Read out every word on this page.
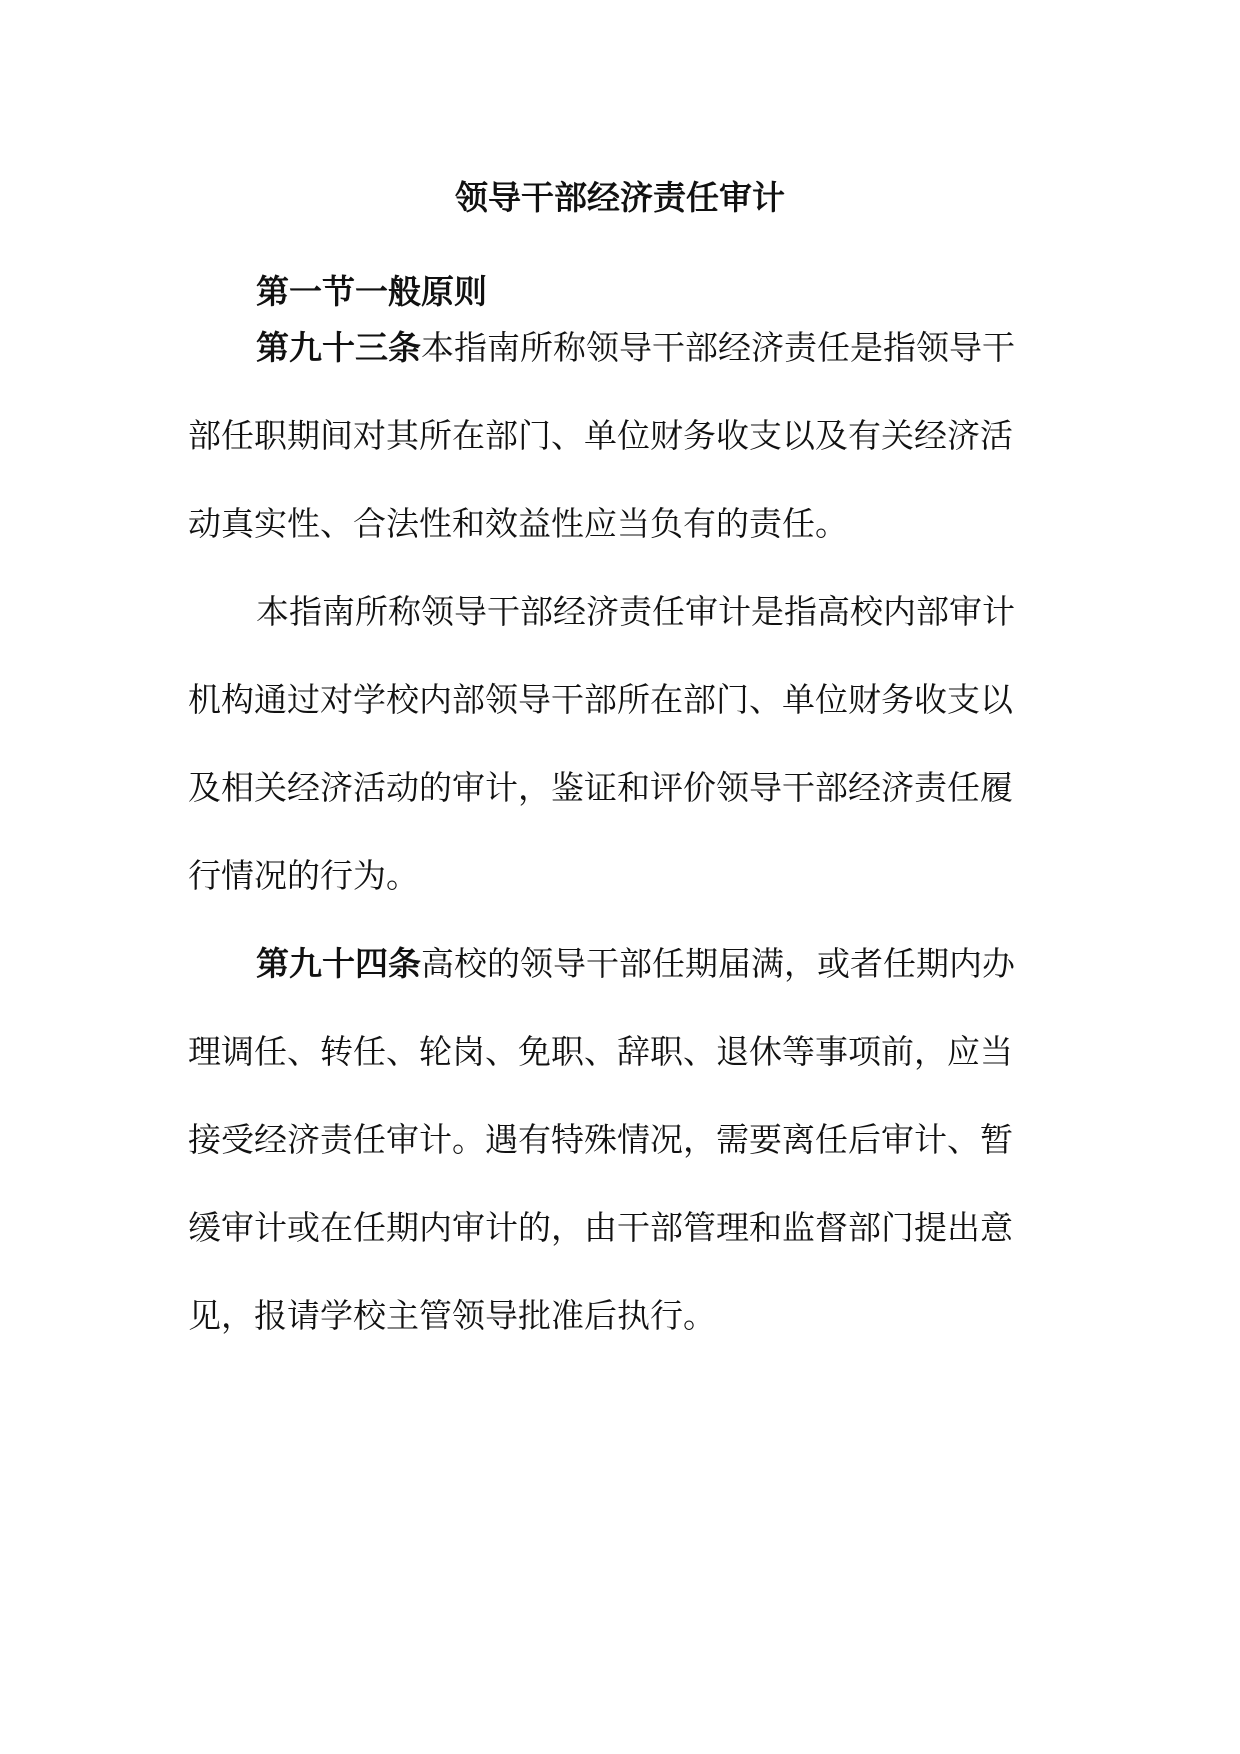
领导干部经济责任审计
第一节一般原则
第九十三条本指南所称领导干部经济责任是指领导干
部任职期间对其所在部门、单位财务收支以及有关经济活
动真实性、合法性和效益性应当负有的责任。
本指南所称领导干部经济责任审计是指高校内部审计
机构通过对学校内部领导干部所在部门、单位财务收支以
及相关经济活动的审计，鉴证和评价领导干部经济责任履
行情况的行为。
第九十四条高校的领导干部任期届满，或者任期内办
理调任、转任、轮岗、免职、辞职、退休等事项前，应当
接受经济责任审计。遇有特殊情况，需要离任后审计、暂
缓审计或在任期内审计的，由干部管理和监督部门提出意
见，报请学校主管领导批准后执行。
